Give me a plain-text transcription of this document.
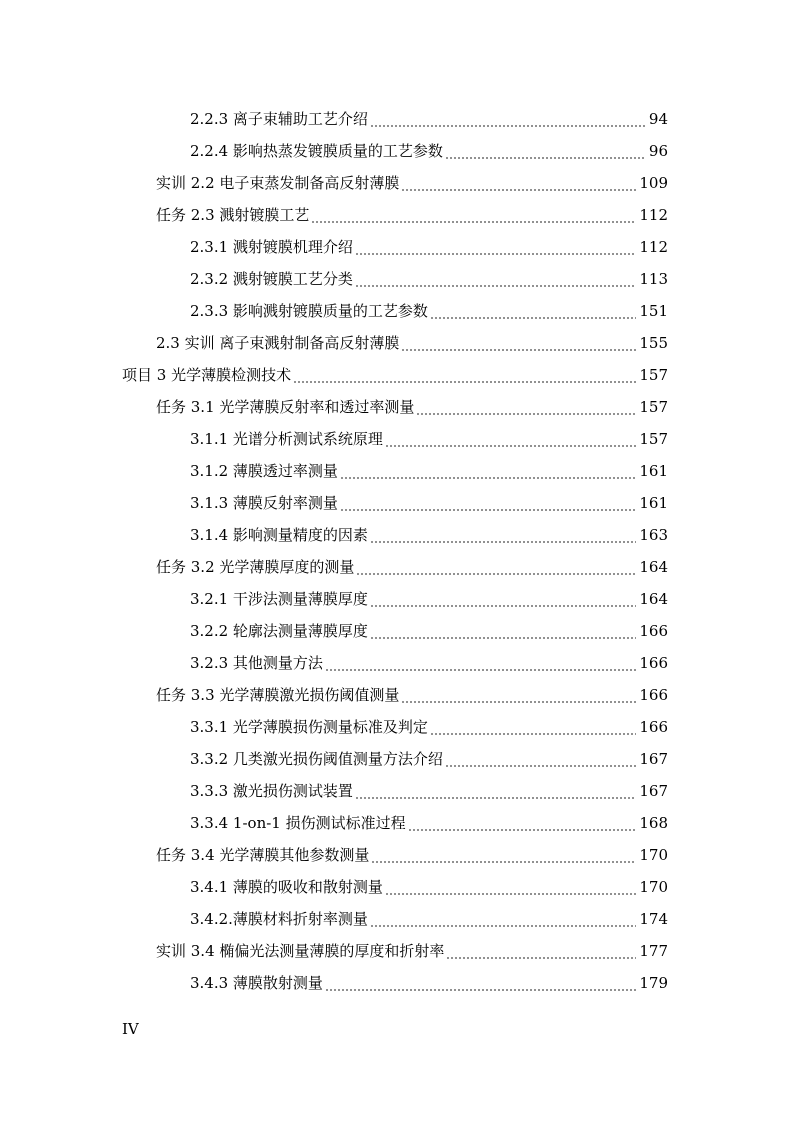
2.2.3 离子束辅助工艺介绍	94
2.2.4 影响热蒸发镀膜质量的工艺参数	96
实训 2.2 电子束蒸发制备高反射薄膜	109
任务 2.3 溅射镀膜工艺	112
2.3.1 溅射镀膜机理介绍	112
2.3.2 溅射镀膜工艺分类	113
2.3.3 影响溅射镀膜质量的工艺参数	151
2.3 实训 离子束溅射制备高反射薄膜	155
项目 3 光学薄膜检测技术	157
任务 3.1 光学薄膜反射率和透过率测量	157
3.1.1 光谱分析测试系统原理	157
3.1.2 薄膜透过率测量	161
3.1.3 薄膜反射率测量	161
3.1.4 影响测量精度的因素	163
任务 3.2 光学薄膜厚度的测量	164
3.2.1 干涉法测量薄膜厚度	164
3.2.2 轮廓法测量薄膜厚度	166
3.2.3 其他测量方法	166
任务 3.3 光学薄膜激光损伤阈值测量	166
3.3.1 光学薄膜损伤测量标准及判定	166
3.3.2 几类激光损伤阈值测量方法介绍	167
3.3.3 激光损伤测试装置	167
3.3.4 1-on-1 损伤测试标准过程	168
任务 3.4 光学薄膜其他参数测量	170
3.4.1 薄膜的吸收和散射测量	170
3.4.2.薄膜材料折射率测量	174
实训 3.4 椭偏光法测量薄膜的厚度和折射率	177
3.4.3 薄膜散射测量	179
IV
